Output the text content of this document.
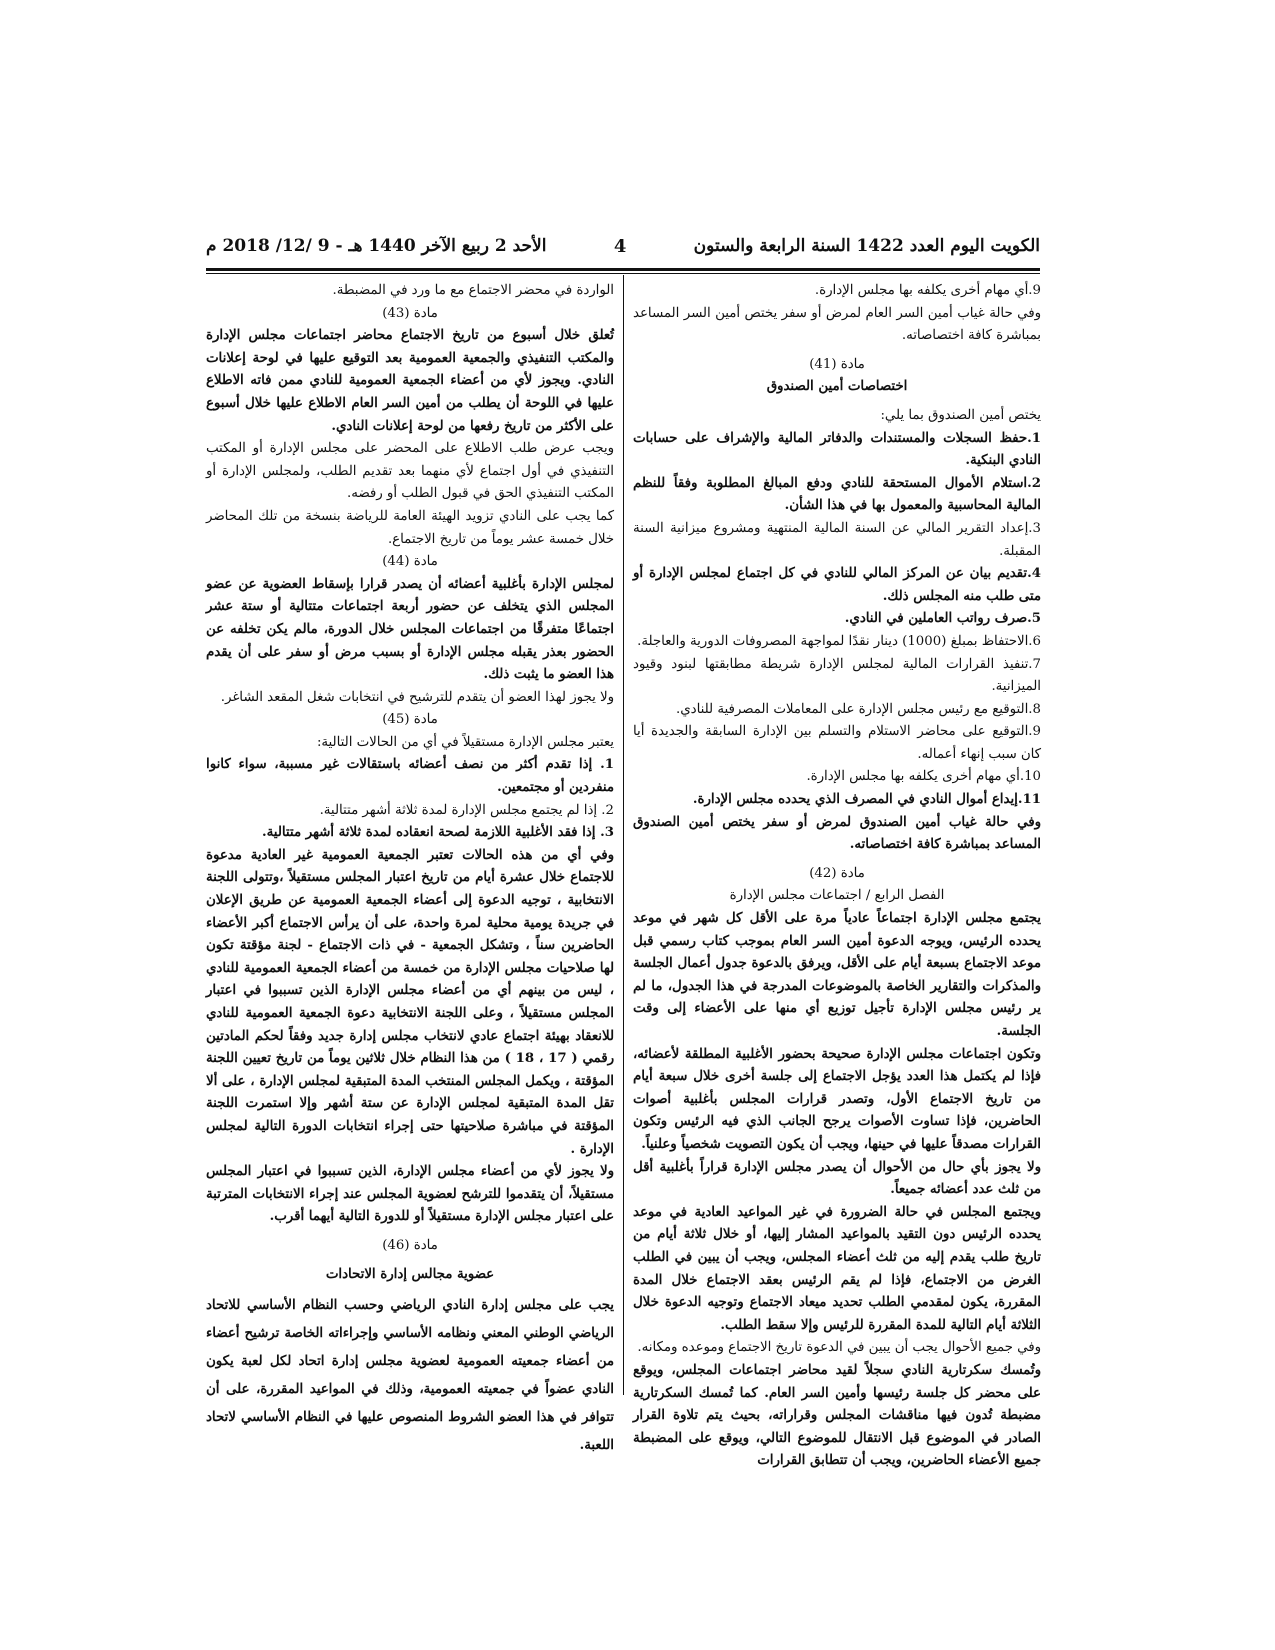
الكويت اليوم العدد 1422 السنة الرابعة والستون
4
الأحد 2 ربيع الآخر 1440 هـ - 9 /12/ 2018 م

9.أي مهام أخرى يكلفه بها مجلس الإدارة.

وفي حالة غياب أمين السر العام لمرض أو سفر يختص أمين السر المساعد بمباشرة كافة اختصاصاته.

مادة (41)

اختصاصات أمين الصندوق

يختص أمين الصندوق بما يلي:

1.حفظ السجلات والمستندات والدفاتر المالية والإشراف على حسابات النادي البنكية.

2.استلام الأموال المستحقة للنادي ودفع المبالغ المطلوبة وفقاً للنظم المالية المحاسبية والمعمول بها في هذا الشأن.

3.إعداد التقرير المالي عن السنة المالية المنتهية ومشروع ميزانية السنة المقبلة.

4.تقديم بيان عن المركز المالي للنادي في كل اجتماع لمجلس الإدارة أو متى طلب منه المجلس ذلك.

5.صرف رواتب العاملين في النادي.

6.الاحتفاظ بمبلغ (1000) دينار نقدًا لمواجهة المصروفات الدورية والعاجلة.

7.تنفيذ القرارات المالية لمجلس الإدارة شريطة مطابقتها لبنود وقيود الميزانية.

8.التوقيع مع رئيس مجلس الإدارة على المعاملات المصرفية للنادي.

9.التوقيع على محاضر الاستلام والتسلم بين الإدارة السابقة والجديدة أيا كان سبب إنهاء أعماله.

10.أي مهام أخرى يكلفه بها مجلس الإدارة.

11.إيداع أموال النادي في المصرف الذي يحدده مجلس الإدارة.

وفي حالة غياب أمين الصندوق لمرض أو سفر يختص أمين الصندوق المساعد بمباشرة كافة اختصاصاته.

مادة (42)

الفصل الرابع / اجتماعات مجلس الإدارة

يجتمع مجلس الإدارة اجتماعاً عادياً مرة على الأقل كل شهر في موعد يحدده الرئيس، ويوجه الدعوة أمين السر العام بموجب كتاب رسمي قبل موعد الاجتماع بسبعة أيام على الأقل، ويرفق بالدعوة جدول أعمال الجلسة والمذكرات والتقارير الخاصة بالموضوعات المدرجة في هذا الجدول، ما لم ير رئيس مجلس الإدارة تأجيل توزيع أي منها على الأعضاء إلى وقت الجلسة.

وتكون اجتماعات مجلس الإدارة صحيحة بحضور الأغلبية المطلقة لأعضائه، فإذا لم يكتمل هذا العدد يؤجل الاجتماع إلى جلسة أخرى خلال سبعة أيام من تاريخ الاجتماع الأول، وتصدر قرارات المجلس بأغلبية أصوات الحاضرين، فإذا تساوت الأصوات يرجح الجانب الذي فيه الرئيس وتكون القرارات مصدقاً عليها في حينها، ويجب أن يكون التصويت شخصياً وعلنياً.

ولا يجوز بأي حال من الأحوال أن يصدر مجلس الإدارة قراراً بأغلبية أقل من ثلث عدد أعضائه جميعاً.

ويجتمع المجلس في حالة الضرورة في غير المواعيد العادية في موعد يحدده الرئيس دون التقيد بالمواعيد المشار إليها، أو خلال ثلاثة أيام من تاريخ طلب يقدم إليه من ثلث أعضاء المجلس، ويجب أن يبين في الطلب الغرض من الاجتماع، فإذا لم يقم الرئيس بعقد الاجتماع خلال المدة المقررة، يكون لمقدمي الطلب تحديد ميعاد الاجتماع وتوجيه الدعوة خلال الثلاثة أيام التالية للمدة المقررة للرئيس وإلا سقط الطلب.

وفي جميع الأحوال يجب أن يبين في الدعوة تاريخ الاجتماع وموعده ومكانه.

وتُمسك سكرتارية النادي سجلاً لقيد محاضر اجتماعات المجلس، ويوقع على محضر كل جلسة رئيسها وأمين السر العام. كما تُمسك السكرتارية مضبطة تُدون فيها مناقشات المجلس وقراراته، بحيث يتم تلاوة القرار الصادر في الموضوع قبل الانتقال للموضوع التالي، ويوقع على المضبطة جميع الأعضاء الحاضرين، ويجب أن تتطابق القرارات

الواردة في محضر الاجتماع مع ما ورد في المضبطة.

مادة (43)

تُعلق خلال أسبوع من تاريخ الاجتماع محاضر اجتماعات مجلس الإدارة والمكتب التنفيذي والجمعية العمومية بعد التوقيع عليها في لوحة إعلانات النادي. ويجوز لأي من أعضاء الجمعية العمومية للنادي ممن فاته الاطلاع عليها في اللوحة أن يطلب من أمين السر العام الاطلاع عليها خلال أسبوع على الأكثر من تاريخ رفعها من لوحة إعلانات النادي.

ويجب عرض طلب الاطلاع على المحضر على مجلس الإدارة أو المكتب التنفيذي في أول اجتماع لأي منهما بعد تقديم الطلب، ولمجلس الإدارة أو المكتب التنفيذي الحق في قبول الطلب أو رفضه.

كما يجب على النادي تزويد الهيئة العامة للرياضة بنسخة من تلك المحاضر خلال خمسة عشر يوماً من تاريخ الاجتماع.

مادة (44)

لمجلس الإدارة بأغلبية أعضائه أن يصدر قرارا بإسقاط العضوية عن عضو المجلس الذي يتخلف عن حضور أربعة اجتماعات متتالية أو ستة عشر اجتماعًا متفرقًا من اجتماعات المجلس خلال الدورة، مالم يكن تخلفه عن الحضور بعذر يقبله مجلس الإدارة أو بسبب مرض أو سفر على أن يقدم هذا العضو ما يثبت ذلك.

ولا يجوز لهذا العضو أن يتقدم للترشيح في انتخابات شغل المقعد الشاغر.

مادة (45)

يعتبر مجلس الإدارة مستقيلاً في أي من الحالات التالية:

1. إذا تقدم أكثر من نصف أعضائه باستقالات غير مسببة، سواء كانوا منفردين أو مجتمعين.

2. إذا لم يجتمع مجلس الإدارة لمدة ثلاثة أشهر متتالية.

3. إذا فقد الأغلبية اللازمة لصحة انعقاده لمدة ثلاثة أشهر متتالية.

وفي أي من هذه الحالات تعتبر الجمعية العمومية غير العادية مدعوة للاجتماع خلال عشرة أيام من تاريخ اعتبار المجلس مستقيلاً ،وتتولى اللجنة الانتخابية ، توجيه الدعوة إلى أعضاء الجمعية العمومية عن طريق الإعلان في جريدة يومية محلية لمرة واحدة، على أن يرأس الاجتماع أكبر الأعضاء الحاضرين سناً ، وتشكل الجمعية - في ذات الاجتماع - لجنة مؤقتة تكون لها صلاحيات مجلس الإدارة من خمسة من أعضاء الجمعية العمومية للنادي ، ليس من بينهم أي من أعضاء مجلس الإدارة الذين تسببوا في اعتبار المجلس مستقيلاً ، وعلى اللجنة الانتخابية دعوة الجمعية العمومية للنادي للانعقاد بهيئة اجتماع عادي لانتخاب مجلس إدارة جديد وفقاً لحكم المادتين رقمي ( 17 ، 18 ) من هذا النظام خلال ثلاثين يوماً من تاريخ تعيين اللجنة المؤقتة ، ويكمل المجلس المنتخب المدة المتبقية لمجلس الإدارة ، على ألا تقل المدة المتبقية لمجلس الإدارة عن ستة أشهر وإلا استمرت اللجنة المؤقتة في مباشرة صلاحيتها حتى إجراء انتخابات الدورة التالية لمجلس الإدارة .

ولا يجوز لأي من أعضاء مجلس الإدارة، الذين تسببوا في اعتبار المجلس مستقيلاً، أن يتقدموا للترشح لعضوية المجلس عند إجراء الانتخابات المترتبة على اعتبار مجلس الإدارة مستقيلاً أو للدورة التالية أيهما أقرب.

مادة (46)

عضوية مجالس إدارة الاتحادات

يجب على مجلس إدارة النادي الرياضي وحسب النظام الأساسي للاتحاد الرياضي الوطني المعني ونظامه الأساسي وإجراءاته الخاصة ترشيح أعضاء من أعضاء جمعيته العمومية لعضوية مجلس إدارة اتحاد لكل لعبة يكون النادي عضواً في جمعيته العمومية، وذلك في المواعيد المقررة، على أن تتوافر في هذا العضو الشروط المنصوص عليها في النظام الأساسي لاتحاد اللعبة.
